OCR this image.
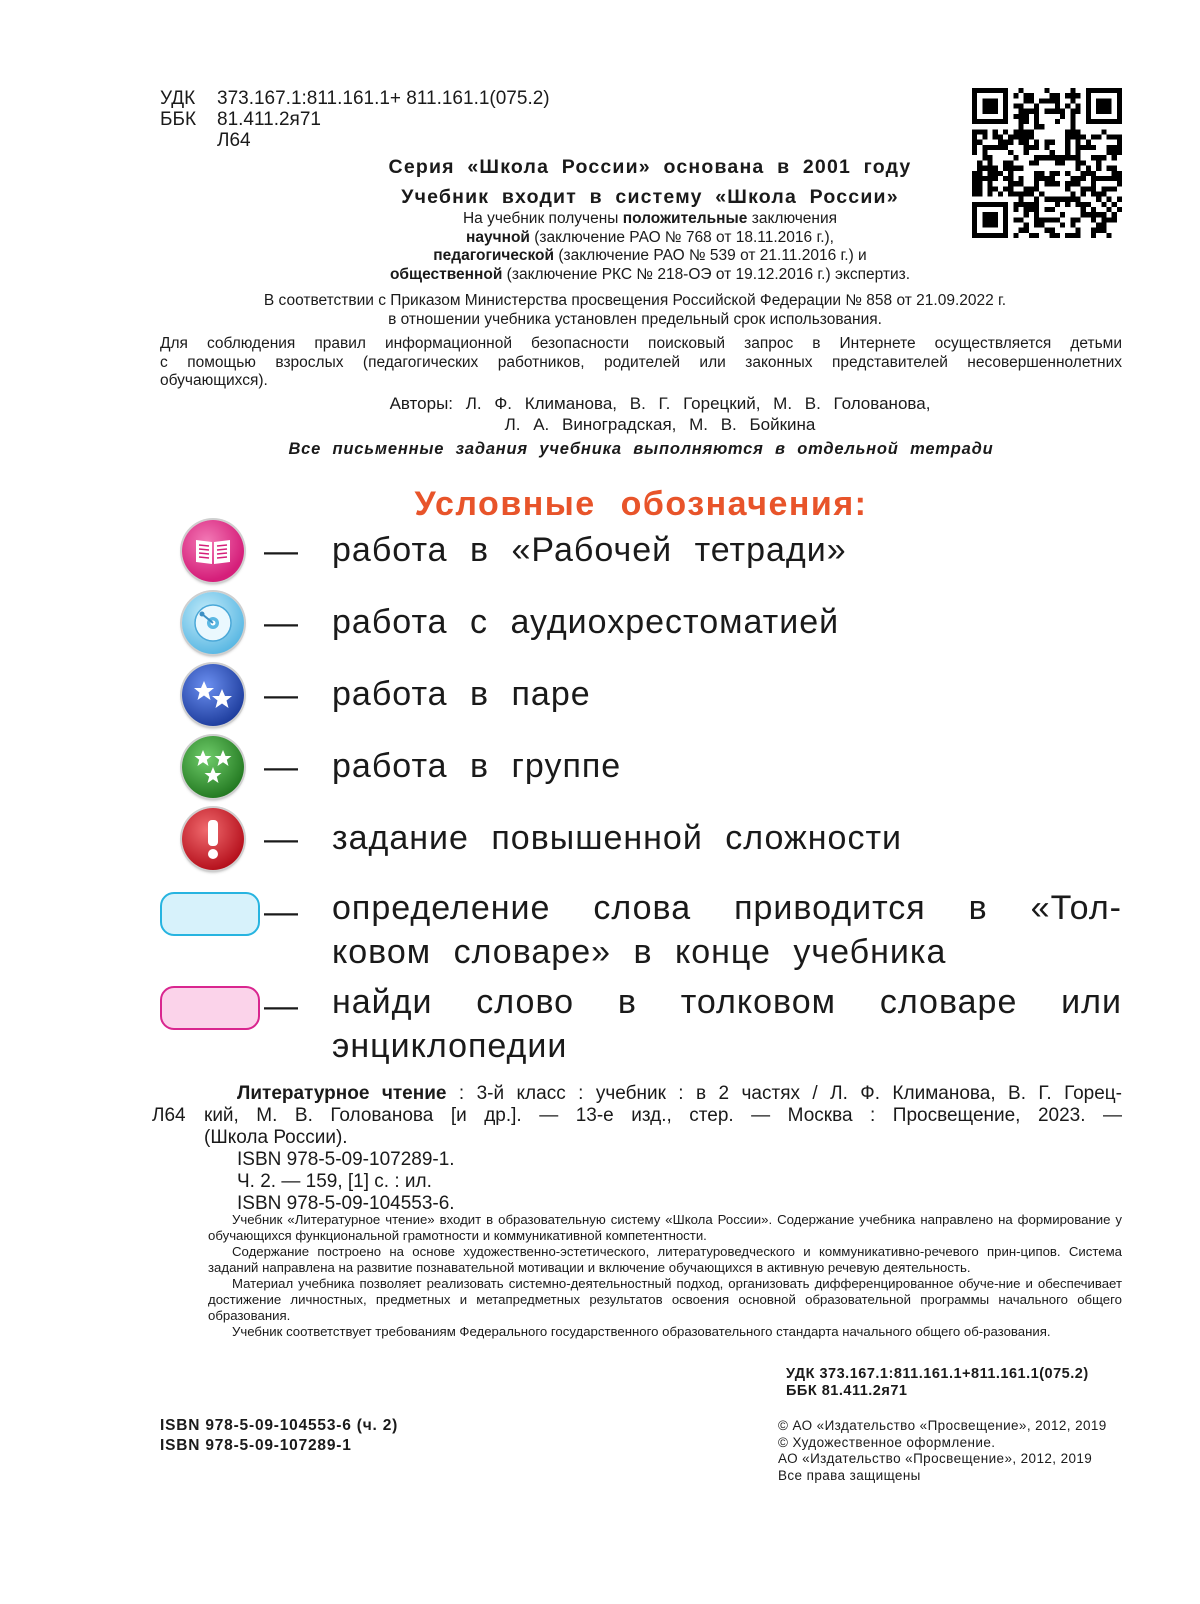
УДК 373.167.1:811.161.1+ 811.161.1(075.2)
ББК 81.411.2я71
Л64
Серия «Школа России» основана в 2001 году
Учебник входит в систему «Школа России»
На учебник получены положительные заключения
научной (заключение РАО № 768 от 18.11.2016 г.),
педагогической (заключение РАО № 539 от 21.11.2016 г.) и
общественной (заключение РКС № 218-ОЭ от 19.12.2016 г.) экспертиз.
В соответствии с Приказом Министерства просвещения Российской Федерации № 858 от 21.09.2022 г.
в отношении учебника установлен предельный срок использования.
Для соблюдения правил информационной безопасности поисковый запрос в Интернете осуществляется детьми
с помощью взрослых (педагогических работников, родителей или законных представителей несовершеннолетних
обучающихся).
Авторы: Л. Ф. Климанова, В. Г. Горецкий, М. В. Голованова,
Л. А. Виноградская, М. В. Бойкина
Все письменные задания учебника выполняются в отдельной тетради
Условные обозначения:
— работа в «Рабочей тетради»
— работа с аудиохрестоматией
— работа в паре
— работа в группе
— задание повышенной сложности
— определение слова приводится в «Тол-
ковом словаре» в конце учебника
— найди слово в толковом словаре или
энциклопедии
Л64
Литературное чтение : 3-й класс : учебник : в 2 частях / Л. Ф. Климанова, В. Г. Горец-
кий, М. В. Голованова [и др.]. — 13-е изд., стер. — Москва : Просвещение, 2023. —
(Школа России).
ISBN 978-5-09-107289-1.
Ч. 2. — 159, [1] с. : ил.
ISBN 978-5-09-104553-6.
Учебник «Литературное чтение» входит в образовательную систему «Школа России». Содержание учебника направлено на формирование у обучающихся функциональной грамотности и коммуникативной компетентности.
Содержание построено на основе художественно-эстетического, литературоведческого и коммуникативно-речевого прин-ципов. Система заданий направлена на развитие познавательной мотивации и включение обучающихся в активную речевую деятельность.
Материал учебника позволяет реализовать системно-деятельностный подход, организовать дифференцированное обуче-ние и обеспечивает достижение личностных, предметных и метапредметных результатов освоения основной образовательной программы начального общего образования.
Учебник соответствует требованиям Федерального государственного образовательного стандарта начального общего об-разования.
УДК 373.167.1:811.161.1+811.161.1(075.2)
ББК 81.411.2я71
ISBN 978-5-09-104553-6 (ч. 2)
ISBN 978-5-09-107289-1
© АО «Издательство «Просвещение», 2012, 2019
© Художественное оформление.
АО «Издательство «Просвещение», 2012, 2019
Все права защищены
